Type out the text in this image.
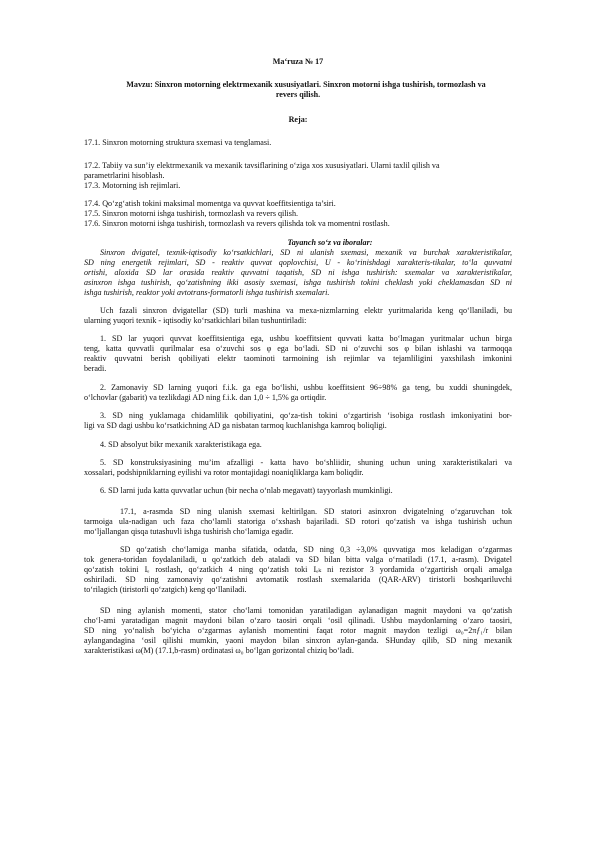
Ma‘ruza № 17
Mavzu: Sinxron motorning elektrmexanik xususiyatlari. Sinxron motorni ishga tushirish, tormozlash va
revers qilish.
Reja:
17.1. Sinxron motorning struktura sxemasi va tenglamasi.
17.2. Tabiiy va sun’iy elektrmexanik va mexanik tavsiflarining o‘ziga xos xususiyatlari. Ularni taxlil qilish va
parametrlarini hisoblash.
17.3. Motorning ish rejimlari.
17.4. Qo‘zg‘atish tokini maksimal momentga va quvvat koeffitsientiga ta’siri.
17.5. Sinxron motorni ishga tushirish, tormozlash va revers qilish.
17.6. Sinxron motorni ishga tushirish, tormozlash va revers qilishda tok va momentni rostlash.
Tayanch so‘z va iboralar:
Sinxron dvigatel, texnik-iqtisodiy ko‘rsatkichlari, SD ni ulanish sxemasi, mexanik va burchak xarakteristikalar,
SD ning energetik rejimlari, SD - reaktiv quvvat qoplovchisi, U - ko‘rinishdagi xarakteris-tikalar, to‘la quvvatni
ortishi, aloxida SD lar orasida reaktiv quvvatni taqatish, SD ni ishga tushirish: sxemalar va xarakteristikalar,
asinxron ishga tushirish, qo‘zatishning ikki asosiy sxemasi, ishga tushirish tokini cheklash yoki cheklamasdan SD ni
ishga tushirish, reaktor yoki avtotrans-formatorli ishga tushirish sxemalari.
Uch fazali sinxron dvigatellar (SD) turli mashina va mexa-nizmlarning elektr yuritmalarida keng qo‘llaniladi, bu
ularning yuqori texnik - iqtisodiy ko‘rsatkichlari bilan tushuntiriladi:
1. SD lar yuqori quvvat koeffitsientiga ega, ushbu koeffitsient quvvati katta bo‘lmagan yuritmalar uchun birga
teng, katta quvvatli qurilmalar esa o‘zuvchi sos φ ega bo‘ladi. SD ni o‘zuvchi sos φ bilan ishlashi va tarmoqqa
reaktiv quvvatni berish qobiliyati elektr taominoti tarmoining ish rejimlar va tejamliligini yaxshilash imkonini
beradi.
2. Zamonaviy SD larning yuqori f.i.k. ga ega bo‘lishi, ushbu koeffitsient 96÷98% ga teng, bu xuddi shuningdek,
o‘lchovlar (gabarit) va tezlikdagi AD ning f.i.k. dan 1,0 ÷ 1,5% ga ortiqdir.
3. SD ning yuklamaga chidamlilik qobiliyatini, qo‘za-tish tokini o‘zgartirish ‘isobiga rostlash imkoniyatini bor-
ligi va SD dagi ushbu ko‘rsatkichning AD ga nisbatan tarmoq kuchlanishga kamroq boliqligi.
4. SD absolyut bikr mexanik xarakteristikaga ega.
5. SD konstruksiyasining mu’im afzalligi - katta havo bo‘shliidir, shuning uchun uning xarakteristikalari va
xossalari, podshipniklarning eyilishi va rotor montajidagi noaniqliklarga kam boliqdir.
6. SD larni juda katta quvvatlar uchun (bir necha o‘nlab megavatt) tayyorlash mumkinligi.
17.1, a-rasmda SD ning ulanish sxemasi keltirilgan. SD statori asinxron dvigatelning o‘zgaruvchan tok
tarmoiga ula-nadigan uch faza cho‘lamli statoriga o‘xshash bajariladi. SD rotori qo‘zatish va ishga tushirish uchun
mo‘ljallangan qisqa tutashuvli ishga tushirish cho‘lamiga egadir.
SD qo‘zatish cho‘lamiga manba sifatida, odatda, SD ning 0,3 ÷3,0% quvvatiga mos keladigan o‘zgarmas
tok genera-toridan foydalaniladi, u qo‘zatkich deb ataladi va SD bilan bitta valga o‘rnatiladi (17.1, a-rasm). Dvigatel
qo‘zatish tokini Iₑ rostlash, qo‘zatkich 4 ning qo‘zatish toki Iₑₖ ni rezistor 3 yordamida o‘zgartirish orqali amalga
oshiriladi. SD ning zamonaviy qo‘zatishni avtomatik rostlash sxemalarida (QAR-ARV) tiristorli boshqariluvchi
to‘rilagich (tiristorli qo‘zatgich) keng qo‘llaniladi.
SD ning aylanish momenti, stator cho‘lami tomonidan yaratiladigan aylanadigan magnit maydoni va qo‘zatish
cho‘l-ami yaratadigan magnit maydoni bilan o‘zaro taosiri orqali ‘osil qilinadi. Ushbu maydonlarning o‘zaro taosiri,
SD ning yo‘nalish bo‘yicha o‘zgarmas aylanish momentini faqat rotor magnit maydon tezligi ω₀=2πƒ₁/r bilan
aylangandagina ‘osil qilishi mumkin, yaoni maydon bilan sinxron aylan-ganda. SHunday qilib, SD ning mexanik
xarakteristikasi ω(M) (17.1,b-rasm) ordinatasi ω₀ bo‘lgan gorizontal chiziq bo‘ladi.
